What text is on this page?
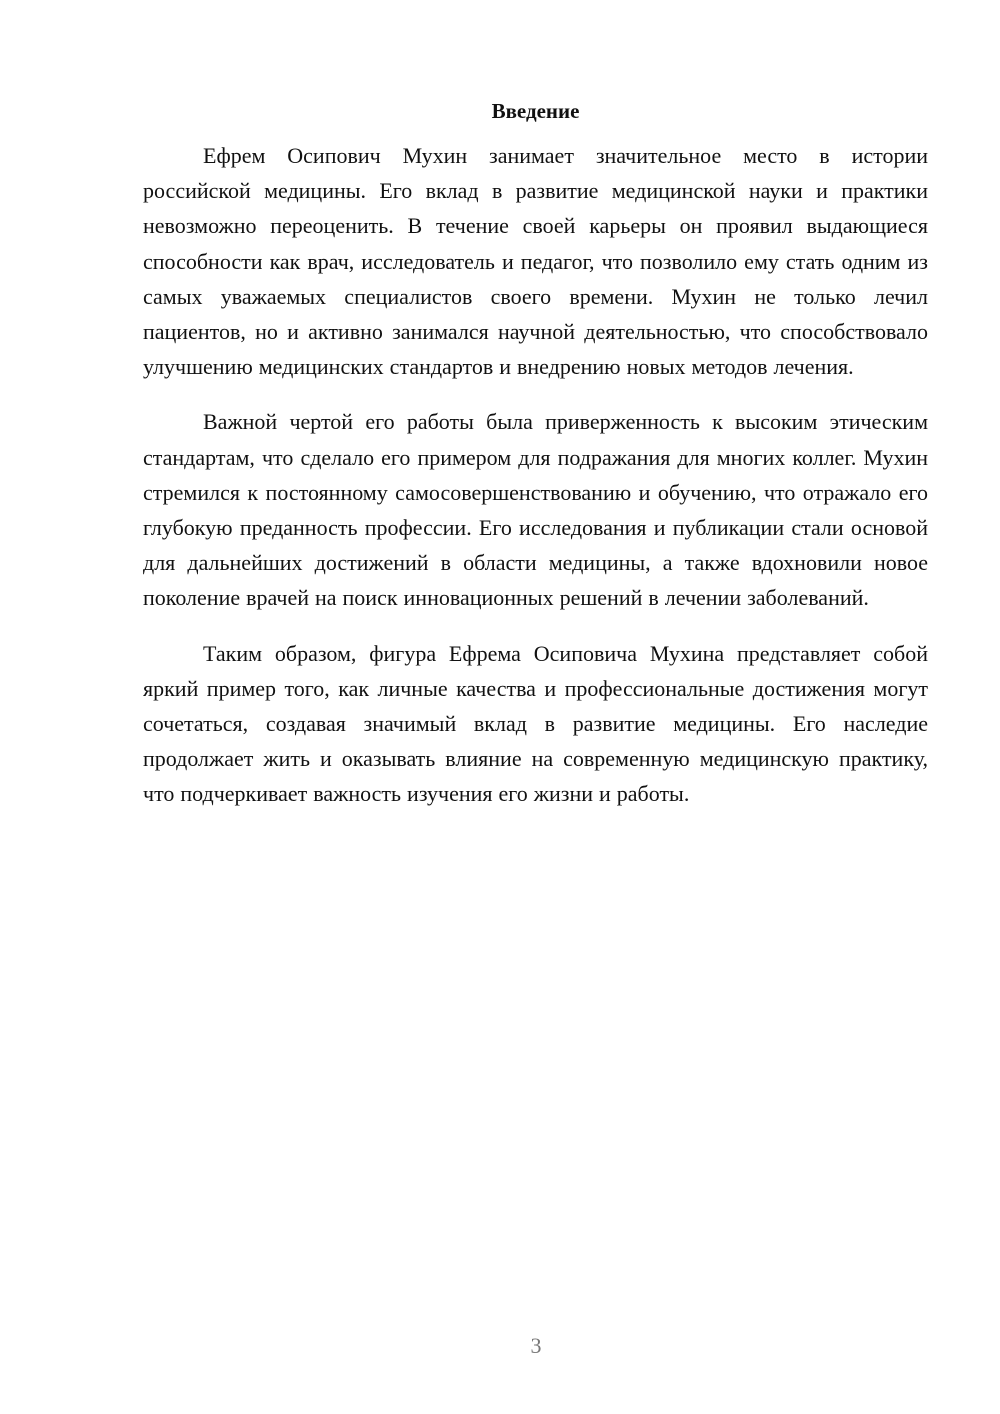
Введение

Ефрем Осипович Мухин занимает значительное место в истории российской медицины. Его вклад в развитие медицинской науки и практики невозможно переоценить. В течение своей карьеры он проявил выдающиеся способности как врач, исследователь и педагог, что позволило ему стать одним из самых уважаемых специалистов своего времени. Мухин не только лечил пациентов, но и активно занимался научной деятельностью, что способствовало улучшению медицинских стандартов и внедрению новых методов лечения.

Важной чертой его работы была приверженность к высоким этическим стандартам, что сделало его примером для подражания для многих коллег. Мухин стремился к постоянному самосовершенствованию и обучению, что отражало его глубокую преданность профессии. Его исследования и публикации стали основой для дальнейших достижений в области медицины, а также вдохновили новое поколение врачей на поиск инновационных решений в лечении заболеваний.

Таким образом, фигура Ефрема Осиповича Мухина представляет собой яркий пример того, как личные качества и профессиональные достижения могут сочетаться, создавая значимый вклад в развитие медицины. Его наследие продолжает жить и оказывать влияние на современную медицинскую практику, что подчеркивает важность изучения его жизни и работы.

3
